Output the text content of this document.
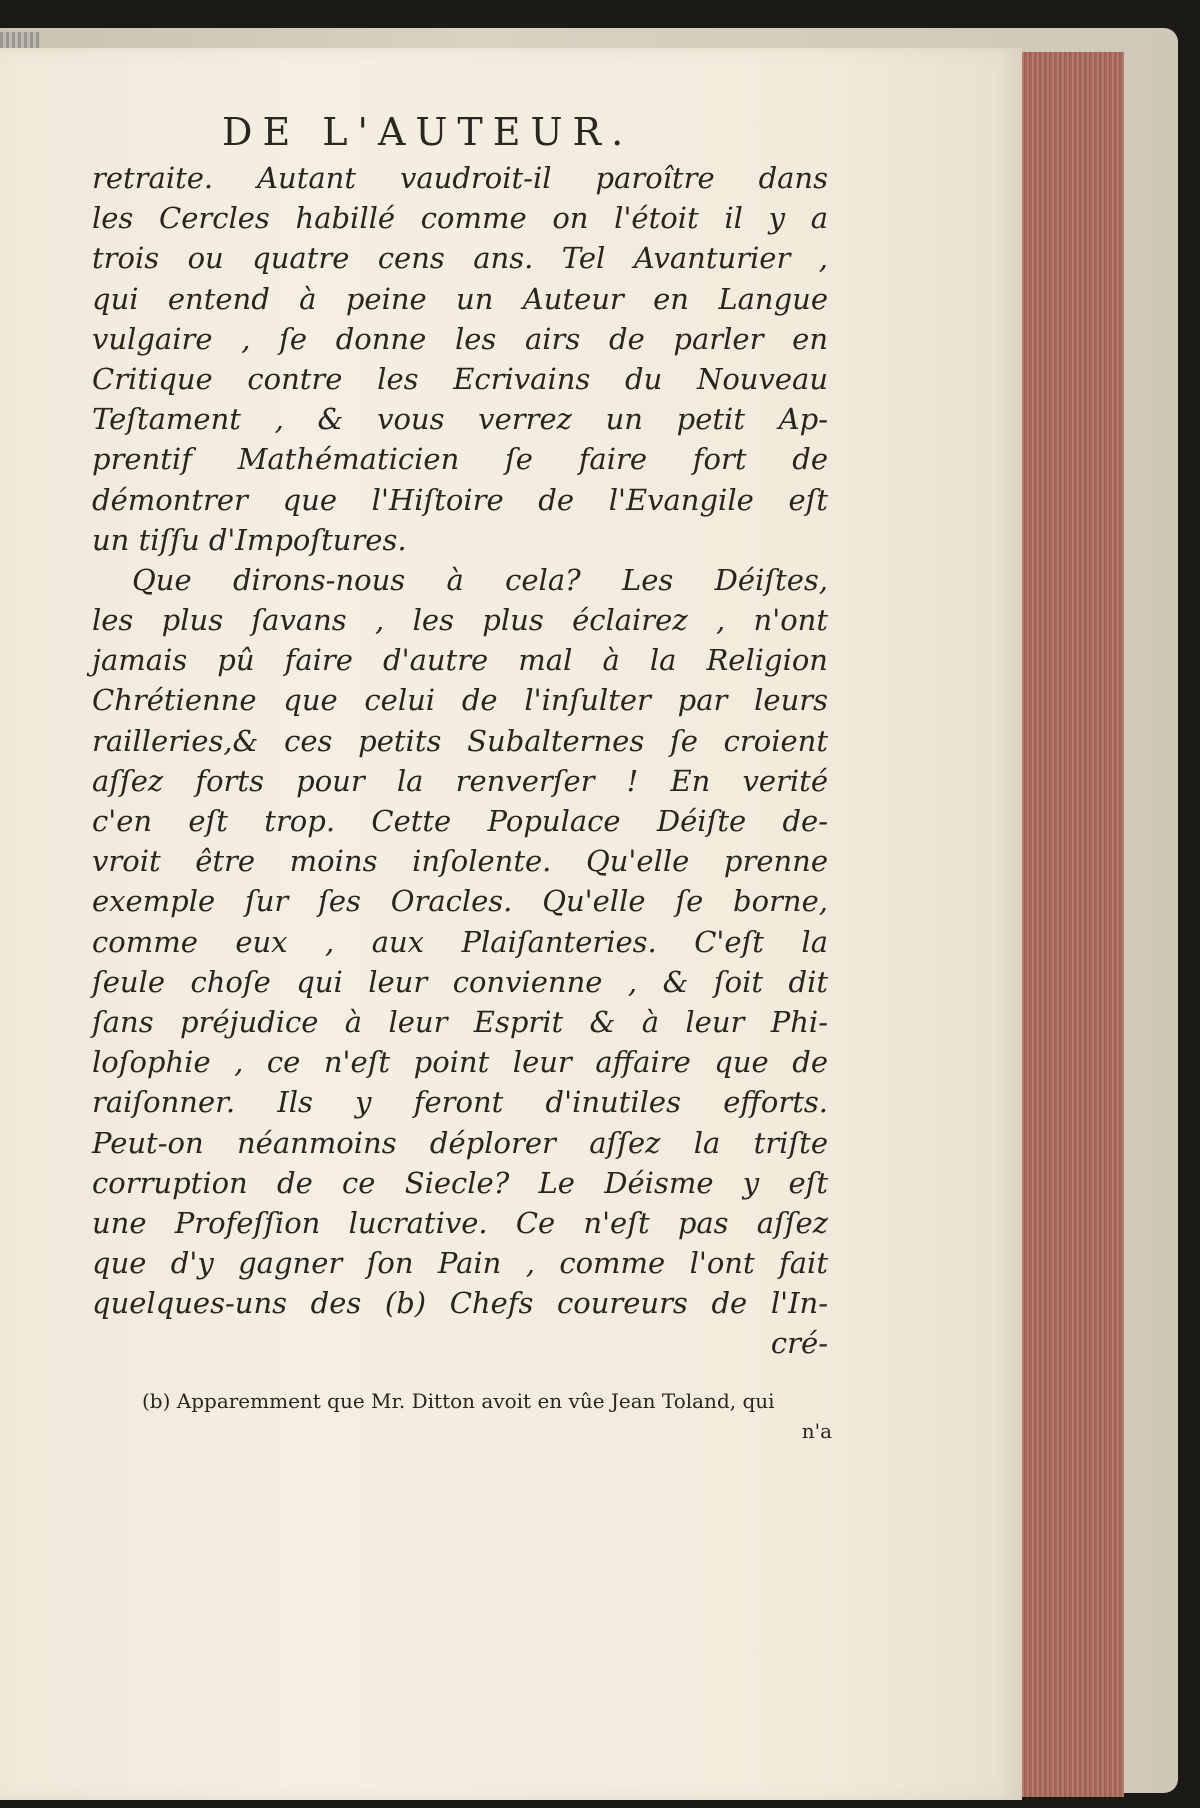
DE L'AUTEUR.
retraite. Autant vaudroit-il paroître dans
les Cercles habillé comme on l'étoit il y a
trois ou quatre cens ans. Tel Avanturier ,
qui entend à peine un Auteur en Langue
vulgaire , ſe donne les airs de parler en
Critique contre les Ecrivains du Nouveau
Teſtament , & vous verrez un petit Ap-
prentif Mathématicien ſe faire fort de
démontrer que l'Hiſtoire de l'Evangile eſt
un tiſſu d'Impoſtures.
Que dirons-nous à cela? Les Déiſtes,
les plus ſavans , les plus éclairez , n'ont
jamais pû faire d'autre mal à la Religion
Chrétienne que celui de l'inſulter par leurs
railleries,& ces petits Subalternes ſe croient
aſſez forts pour la renverſer ! En verité
c'en eſt trop. Cette Populace Déiſte de-
vroit être moins inſolente. Qu'elle prenne
exemple ſur ſes Oracles. Qu'elle ſe borne,
comme eux , aux Plaiſanteries. C'eſt la
ſeule choſe qui leur convienne , & ſoit dit
ſans préjudice à leur Esprit & à leur Phi-
loſophie , ce n'eſt point leur affaire que de
raiſonner. Ils y feront d'inutiles efforts.
Peut-on néanmoins déplorer aſſez la triſte
corruption de ce Siecle? Le Déisme y eſt
une Profeſſion lucrative. Ce n'eſt pas aſſez
que d'y gagner ſon Pain , comme l'ont fait
quelques-uns des (b) Chefs coureurs de l'In-
cré-
(b) Apparemment que Mr. Ditton avoit en vûe Jean Toland, qui
n'a
